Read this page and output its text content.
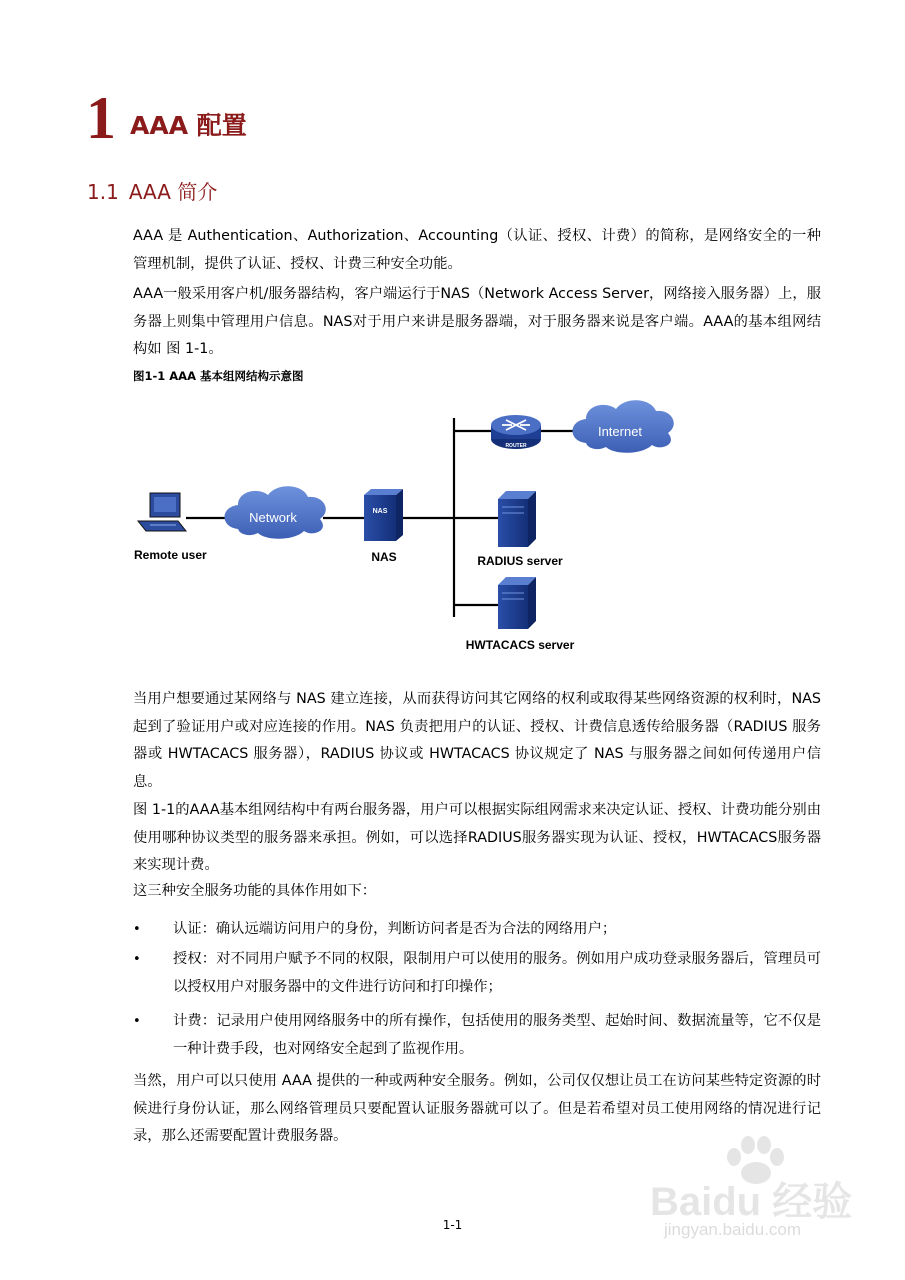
1 AAA 配置
1.1 AAA 简介

AAA 是 Authentication、Authorization、Accounting（认证、授权、计费）的简称，是网络安全的一种管理机制，提供了认证、授权、计费三种安全功能。

AAA一般采用客户机/服务器结构，客户端运行于NAS（Network Access Server，网络接入服务器）上，服务器上则集中管理用户信息。NAS对于用户来讲是服务器端，对于服务器来说是客户端。AAA的基本组网结构如 图 1-1。

图1-1 AAA 基本组网结构示意图
Remote user
Network	NAS
NAS
ROUTER
Internet
RADIUS server
HWTACACS server

当用户想要通过某网络与 NAS 建立连接，从而获得访问其它网络的权利或取得某些网络资源的权利时，NAS 起到了验证用户或对应连接的作用。NAS 负责把用户的认证、授权、计费信息透传给服务器（RADIUS 服务器或 HWTACACS 服务器），RADIUS 协议或 HWTACACS 协议规定了 NAS 与服务器之间如何传递用户信息。

图 1-1的AAA基本组网结构中有两台服务器，用户可以根据实际组网需求来决定认证、授权、计费功能分别由使用哪种协议类型的服务器来承担。例如，可以选择RADIUS服务器实现为认证、授权，HWTACACS服务器来实现计费。

这三种安全服务功能的具体作用如下：

• 认证：确认远端访问用户的身份，判断访问者是否为合法的网络用户；
• 授权：对不同用户赋予不同的权限，限制用户可以使用的服务。例如用户成功登录服务器后，管理员可以授权用户对服务器中的文件进行访问和打印操作；
• 计费：记录用户使用网络服务中的所有操作，包括使用的服务类型、起始时间、数据流量等，它不仅是一种计费手段，也对网络安全起到了监视作用。

当然，用户可以只使用 AAA 提供的一种或两种安全服务。例如，公司仅仅想让员工在访问某些特定资源的时候进行身份认证，那么网络管理员只要配置认证服务器就可以了。但是若希望对员工使用网络的情况进行记录，那么还需要配置计费服务器。

1-1
Baidu 经验
jingyan.baidu.com
